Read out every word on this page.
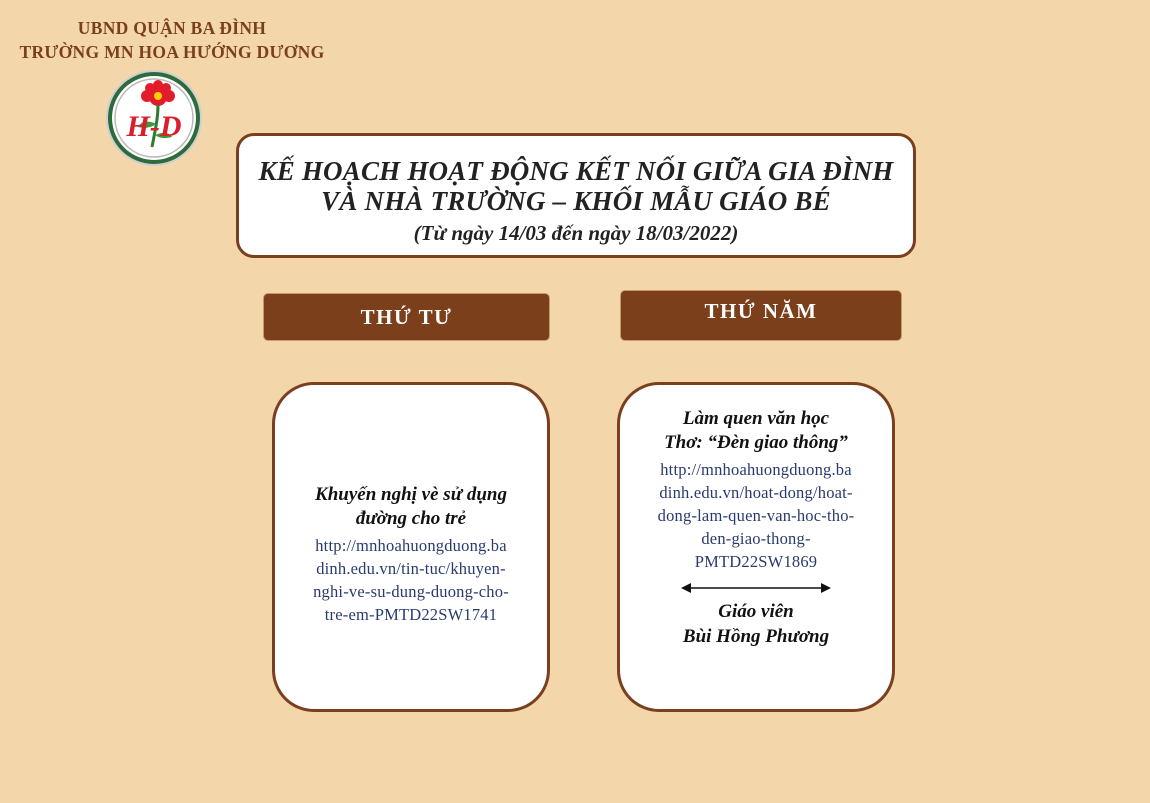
UBND QUẬN BA ĐÌNH
TRƯỜNG MN HOA HƯỚNG DƯƠNG
H-D
KẾ HOẠCH HOẠT ĐỘNG KẾT NỐI GIỮA GIA ĐÌNH
VÀ NHÀ TRƯỜNG – KHỐI MẪU GIÁO BÉ
(Từ ngày 14/03 đến ngày 18/03/2022)
THỨ TƯ	THỨ NĂM
Khuyến nghị vè sử dụng
đường cho trẻ
http://mnhoahuongduong.ba
dinh.edu.vn/tin-tuc/khuyen-
nghi-ve-su-dung-duong-cho-
tre-em-PMTD22SW1741
Làm quen văn học
Thơ: “Đèn giao thông”
http://mnhoahuongduong.ba
dinh.edu.vn/hoat-dong/hoat-
dong-lam-quen-van-hoc-tho-
den-giao-thong-
PMTD22SW1869
Giáo viên
Bùi Hồng Phương
